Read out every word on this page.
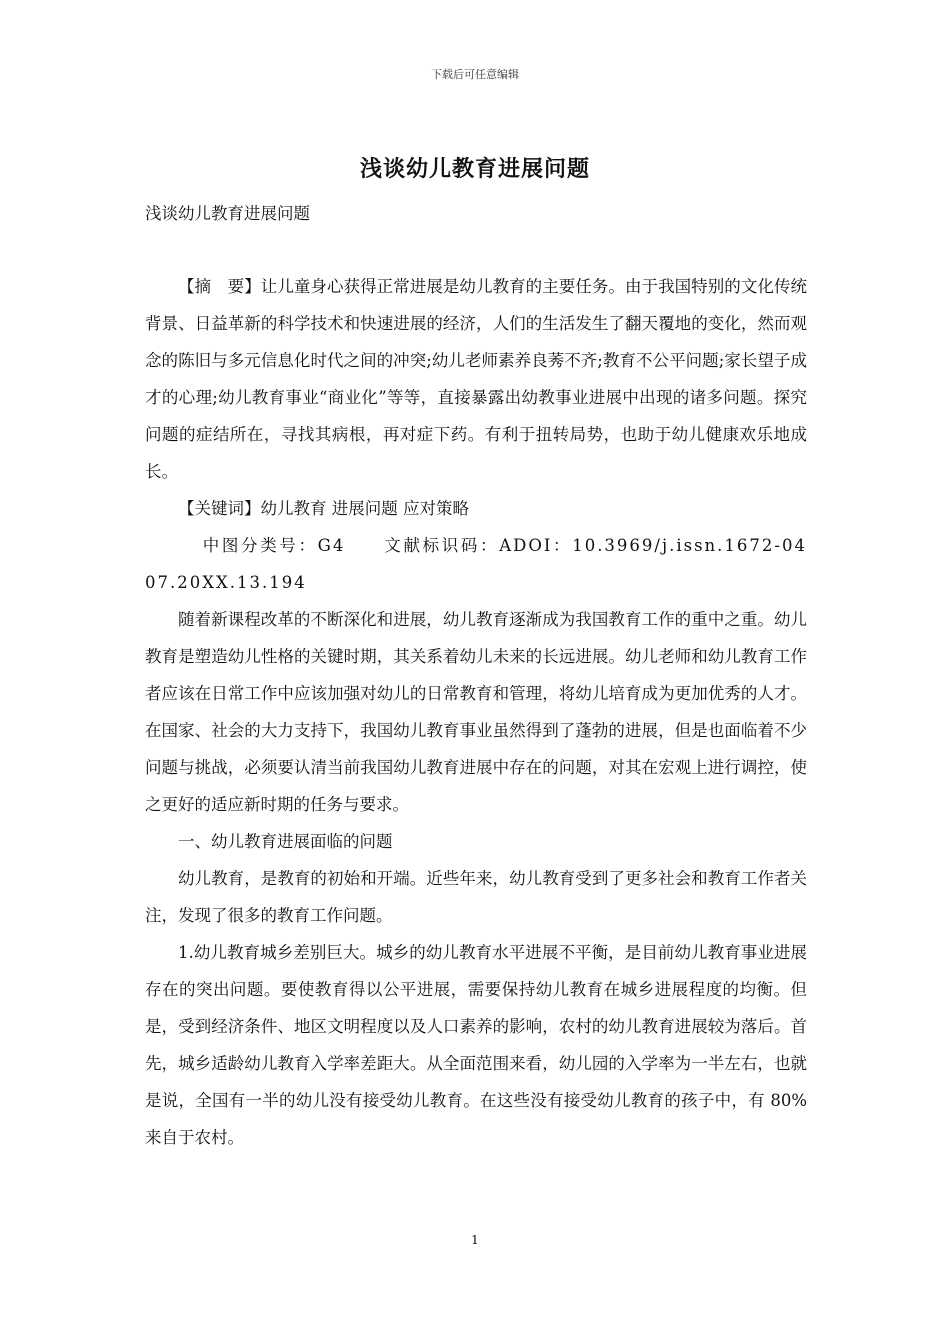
下载后可任意编辑
浅谈幼儿教育进展问题
浅谈幼儿教育进展问题

【摘　要】让儿童身心获得正常进展是幼儿教育的主要任务。由于我国特别的文化传统背景、日益革新的科学技术和快速进展的经济，人们的生活发生了翻天覆地的变化，然而观念的陈旧与多元信息化时代之间的冲突;幼儿老师素养良莠不齐;教育不公平问题;家长望子成才的心理;幼儿教育事业“商业化”等等，直接暴露出幼教事业进展中出现的诸多问题。探究问题的症结所在，寻找其病根，再对症下药。有利于扭转局势，也助于幼儿健康欢乐地成长。

【关键词】幼儿教育 进展问题 应对策略

中图分类号：G4　　文献标识码：ADOI：10.3969/j.issn.1672-0407.20XX.13.194

随着新课程改革的不断深化和进展，幼儿教育逐渐成为我国教育工作的重中之重。幼儿教育是塑造幼儿性格的关键时期，其关系着幼儿未来的长远进展。幼儿老师和幼儿教育工作者应该在日常工作中应该加强对幼儿的日常教育和管理，将幼儿培育成为更加优秀的人才。在国家、社会的大力支持下，我国幼儿教育事业虽然得到了蓬勃的进展，但是也面临着不少问题与挑战，必须要认清当前我国幼儿教育进展中存在的问题，对其在宏观上进行调控，使之更好的适应新时期的任务与要求。

一、幼儿教育进展面临的问题

幼儿教育，是教育的初始和开端。近些年来，幼儿教育受到了更多社会和教育工作者关注，发现了很多的教育工作问题。

1.幼儿教育城乡差别巨大。城乡的幼儿教育水平进展不平衡，是目前幼儿教育事业进展存在的突出问题。要使教育得以公平进展，需要保持幼儿教育在城乡进展程度的均衡。但是，受到经济条件、地区文明程度以及人口素养的影响，农村的幼儿教育进展较为落后。首先，城乡适龄幼儿教育入学率差距大。从全面范围来看，幼儿园的入学率为一半左右，也就是说，全国有一半的幼儿没有接受幼儿教育。在这些没有接受幼儿教育的孩子中，有 80%来自于农村。

1
